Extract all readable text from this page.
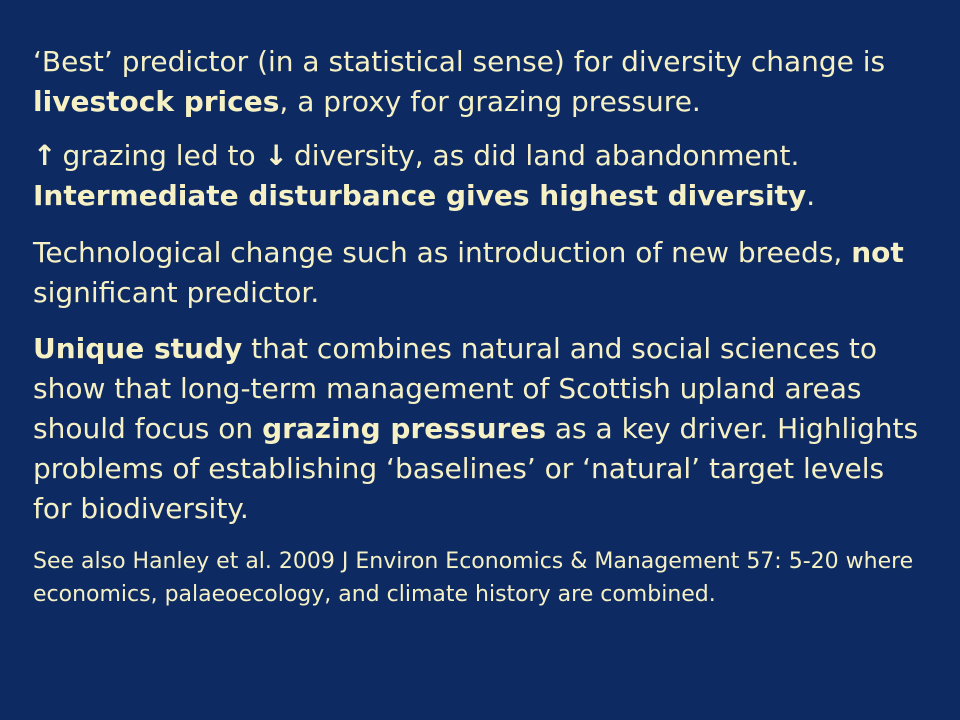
‘Best’ predictor (in a statistical sense) for diversity change is livestock prices, a proxy for grazing pressure.

↑ grazing led to ↓ diversity, as did land abandonment. Intermediate disturbance gives highest diversity.

Technological change such as introduction of new breeds, not significant predictor.

Unique study that combines natural and social sciences to show that long-term management of Scottish upland areas should focus on grazing pressures as a key driver. Highlights problems of establishing ‘baselines’ or ‘natural’ target levels for biodiversity.

See also Hanley et al. 2009 J Environ Economics & Management 57: 5-20 where economics, palaeoecology, and climate history are combined.
